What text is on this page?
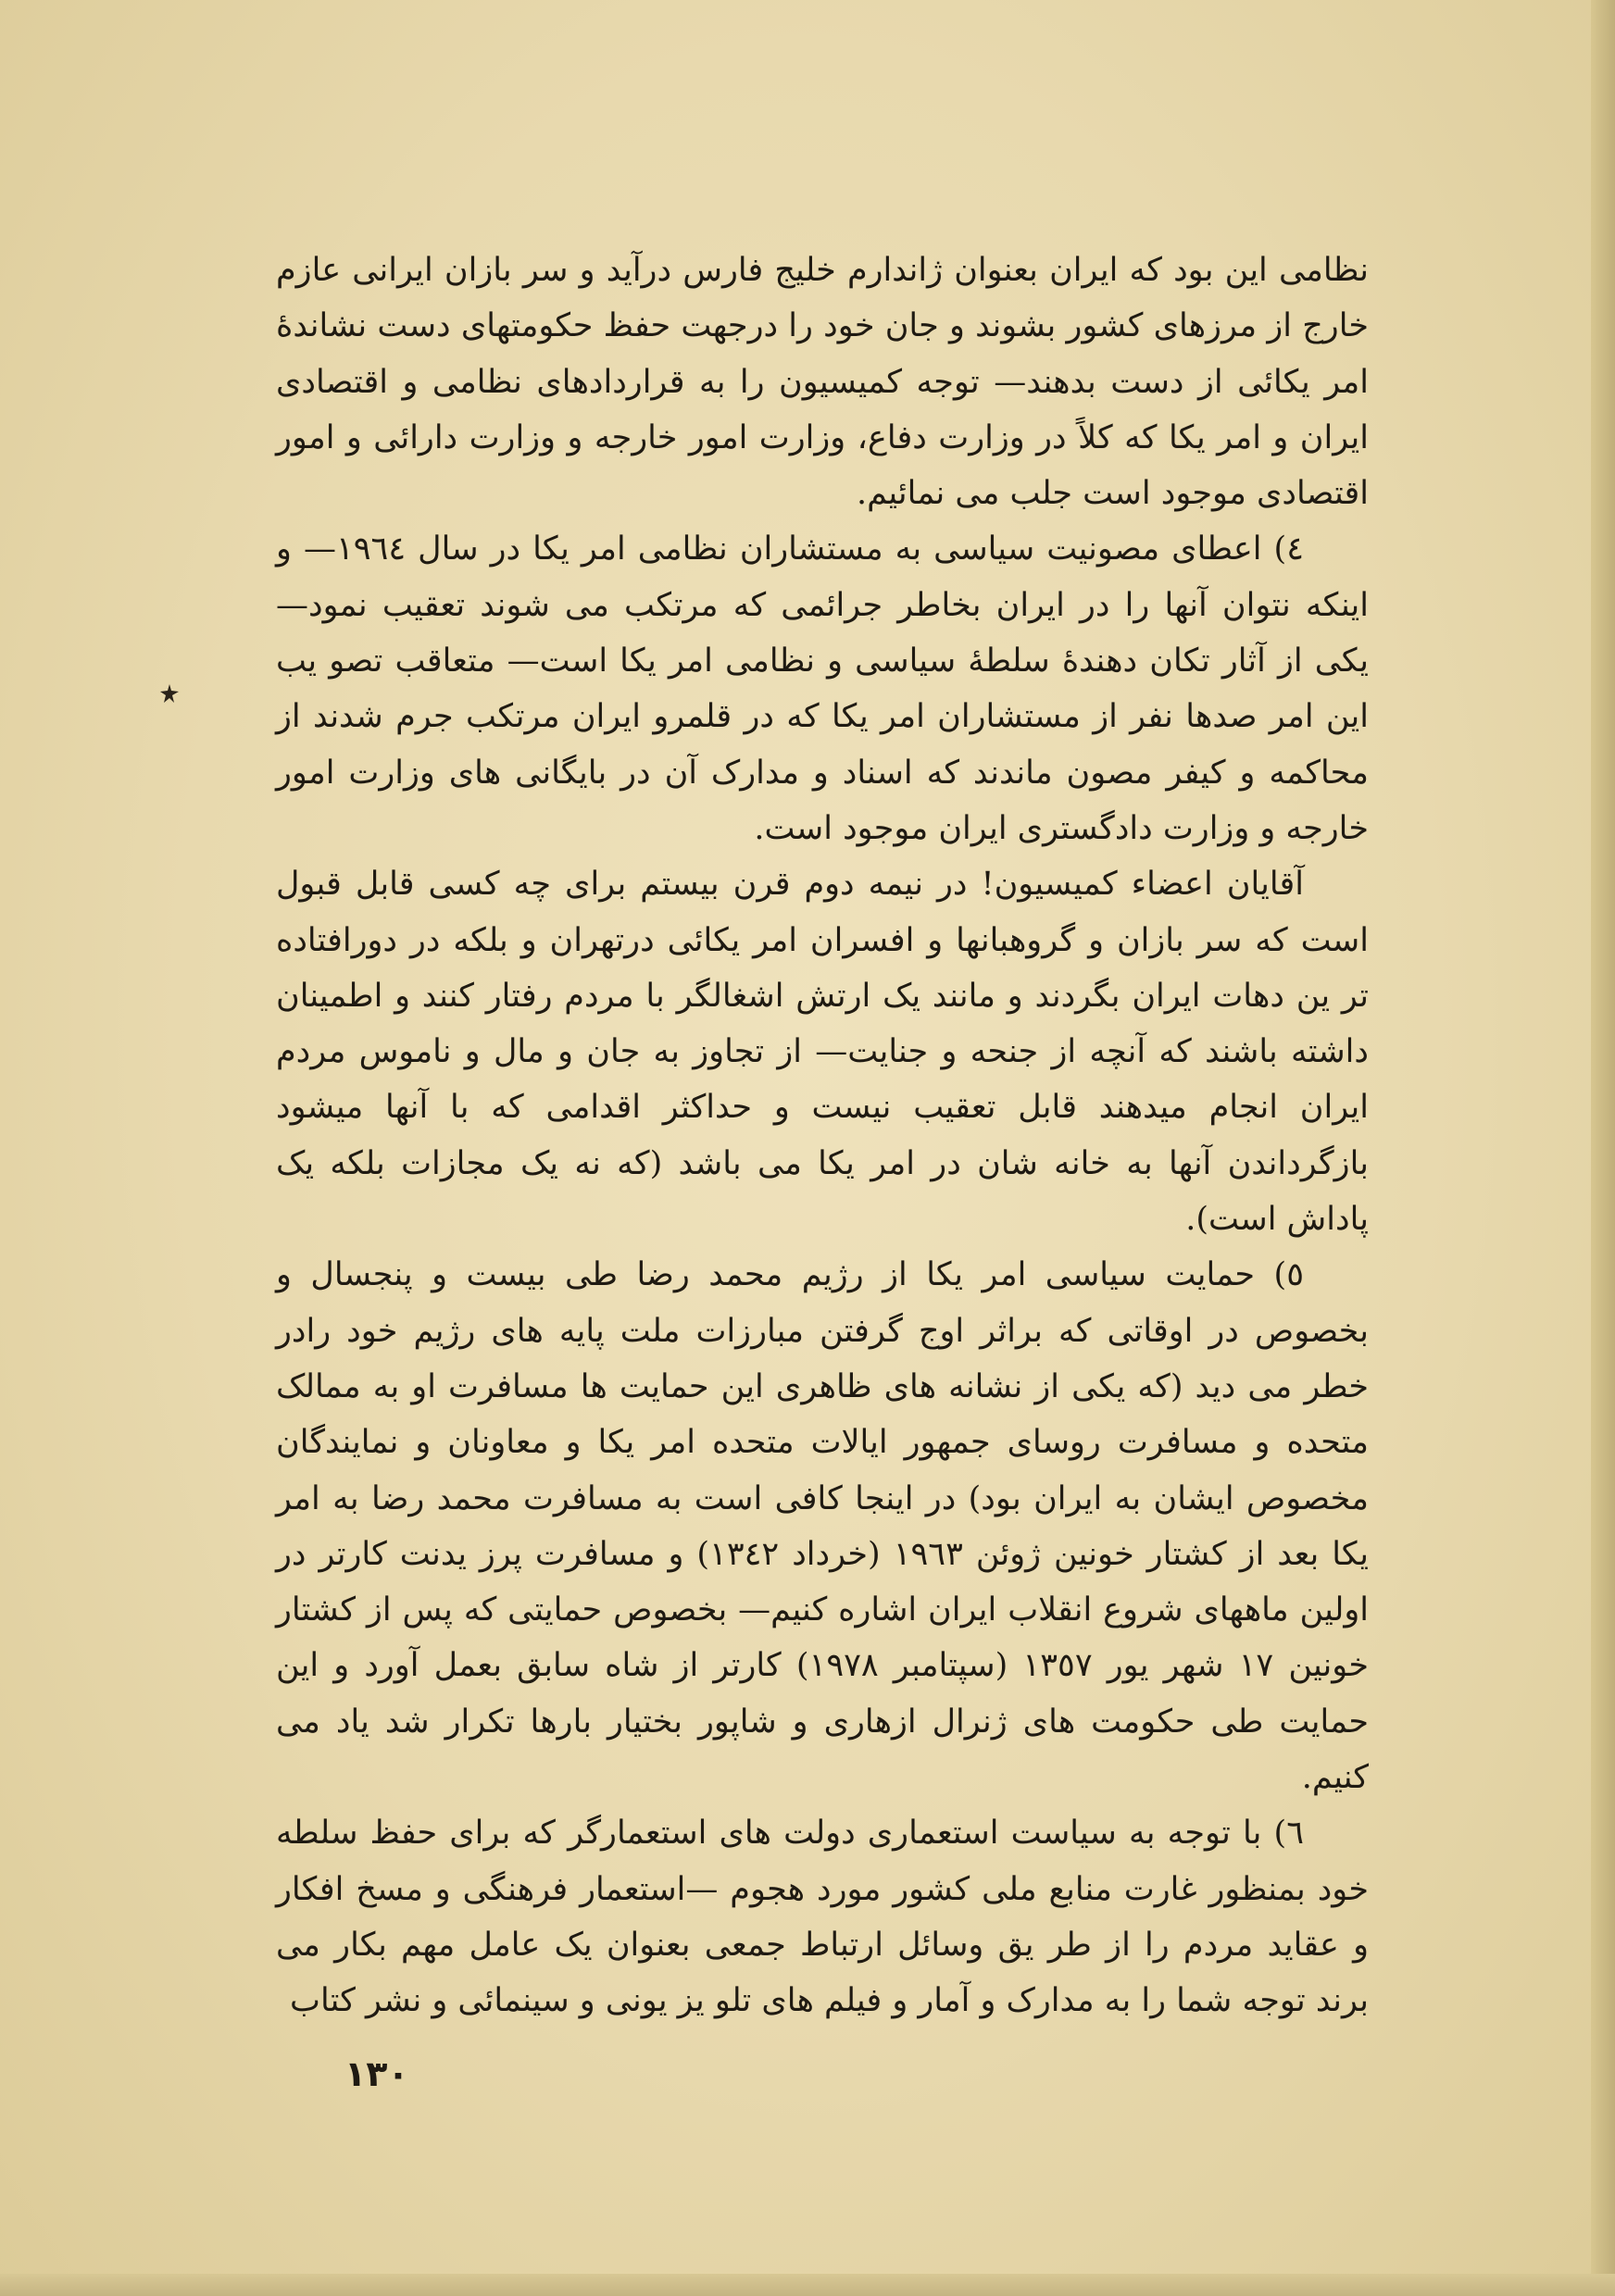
نظامی این بود که ایران بعنوان ژاندارم خلیج فارس درآید و سر بازان ایرانی عازم خارج از مرزهای کشور بشوند و جان خود را درجهت حفظ حکومتهای دست نشاندهٔ امر یکائی از دست بدهند— توجه کمیسیون را به قراردادهای نظامی و اقتصادی ایران و امر یکا که کلاً در وزارت دفاع، وزارت امور خارجه و وزارت دارائی و امور اقتصادی موجود است جلب می نمائیم.

٤) اعطای مصونیت سیاسی به مستشاران نظامی امر یکا در سال ١٩٦٤— و اینکه نتوان آنها را در ایران بخاطر جرائمی که مرتکب می شوند تعقیب نمود— یکی از آثار تکان دهندهٔ سلطهٔ سیاسی و نظامی امر یکا است— متعاقب تصو یب این امر صدها نفر از مستشاران امر یکا که در قلمرو ایران مرتکب جرم شدند از محاکمه و کیفر مصون ماندند که اسناد و مدارک آن در بایگانی های وزارت امور خارجه و وزارت دادگستری ایران موجود است.

آقایان اعضاء کمیسیون! در نیمه دوم قرن بیستم برای چه کسی قابل قبول است که سر بازان و گروهبانها و افسران امر یکائی درتهران و بلکه در دورافتاده تر ین دهات ایران بگردند و مانند یک ارتش اشغالگر با مردم رفتار کنند و اطمینان داشته باشند که آنچه از جنحه و جنایت— از تجاوز به جان و مال و ناموس مردم ایران انجام میدهند قابل تعقیب نیست و حداکثر اقدامی که با آنها میشود بازگرداندن آنها به خانه شان در امر یکا می باشد (که نه یک مجازات بلکه یک پاداش است).

٥) حمایت سیاسی امر یکا از رژیم محمد رضا طی بیست و پنجسال و بخصوص در اوقاتی که براثر اوج گرفتن مبارزات ملت پایه های رژیم خود رادر خطر می دید (که یکی از نشانه های ظاهری این حمایت ها مسافرت او به ممالک متحده و مسافرت روسای جمهور ایالات متحده امر یکا و معاونان و نمایندگان مخصوص ایشان به ایران بود) در اینجا کافی است به مسافرت محمد رضا به امر یکا بعد از کشتار خونین ژوئن ١٩٦٣ (خرداد ١٣٤٢) و مسافرت پرز یدنت کارتر در اولین ماههای شروع انقلاب ایران اشاره کنیم— بخصوص حمایتی که پس از کشتار خونین ١٧ شهر یور ١٣٥٧ (سپتامبر ١٩٧٨) کارتر از شاه سابق بعمل آورد و این حمایت طی حکومت های ژنرال ازهاری و شاپور بختیار بارها تکرار شد یاد می کنیم.

٦) با توجه به سیاست استعماری دولت های استعمارگر که برای حفظ سلطه خود بمنظور غارت منابع ملی کشور مورد هجوم —استعمار فرهنگی و مسخ افکار و عقاید مردم را از طر یق وسائل ارتباط جمعی بعنوان یک عامل مهم بکار می برند توجه شما را به مدارک و آمار و فیلم های تلو یز یونی و سینمائی و نشر کتاب

١٣٠
